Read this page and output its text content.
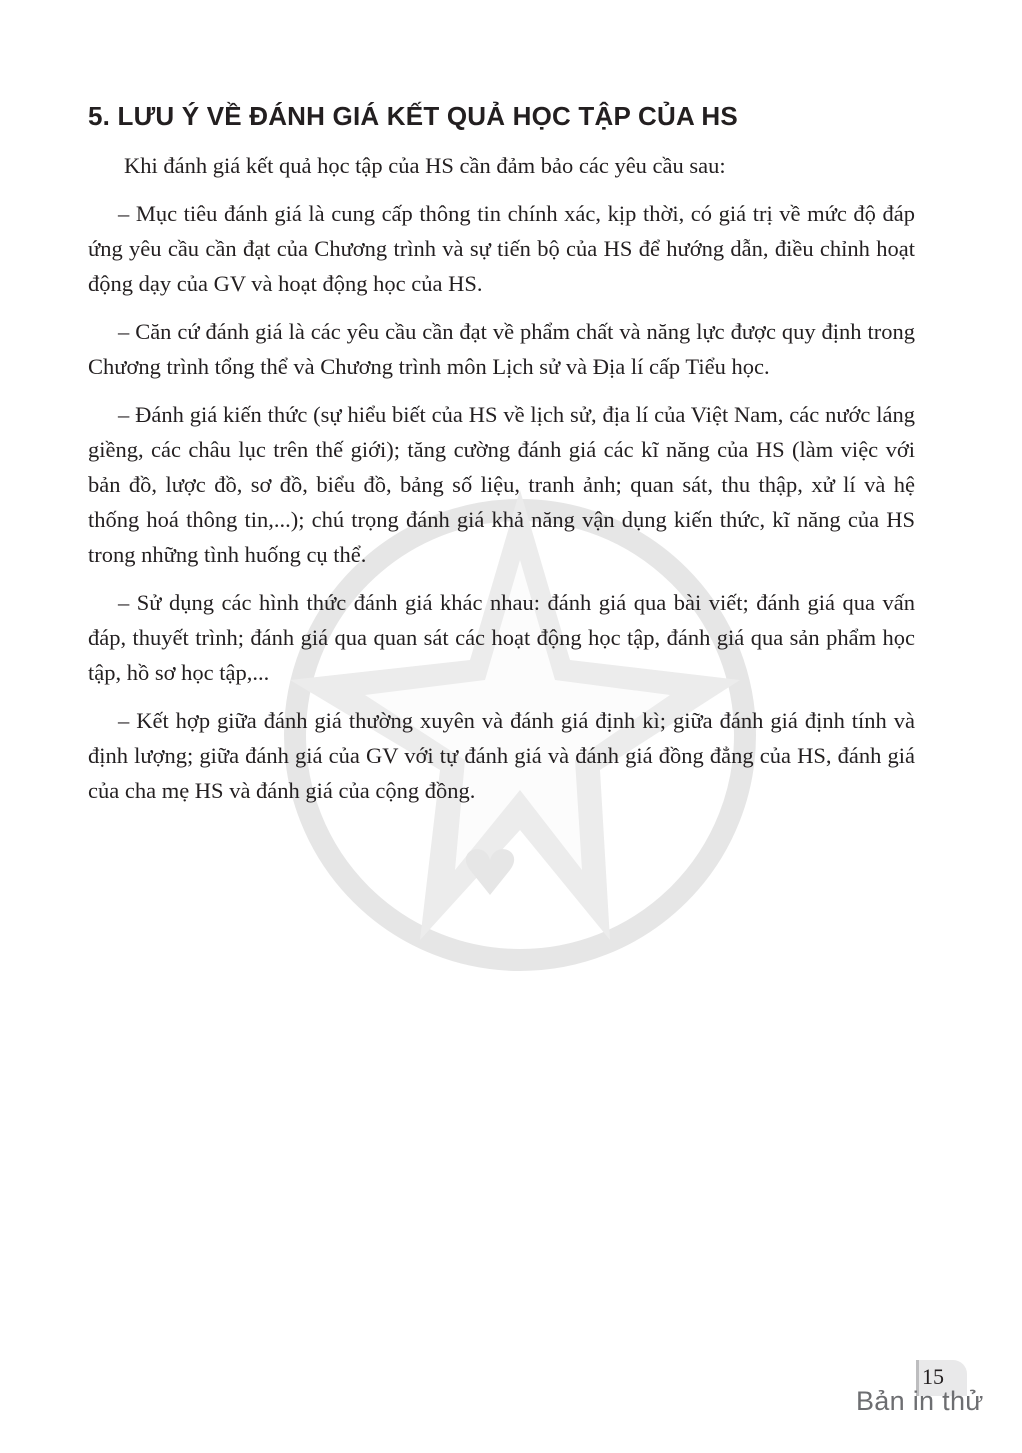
5. LƯU Ý VỀ ĐÁNH GIÁ KẾT QUẢ HỌC TẬP CỦA HS

Khi đánh giá kết quả học tập của HS cần đảm bảo các yêu cầu sau:

– Mục tiêu đánh giá là cung cấp thông tin chính xác, kịp thời, có giá trị về mức độ đáp ứng yêu cầu cần đạt của Chương trình và sự tiến bộ của HS để hướng dẫn, điều chỉnh hoạt động dạy của GV và hoạt động học của HS.

– Căn cứ đánh giá là các yêu cầu cần đạt về phẩm chất và năng lực được quy định trong Chương trình tổng thể và Chương trình môn Lịch sử và Địa lí cấp Tiểu học.

– Đánh giá kiến thức (sự hiểu biết của HS về lịch sử, địa lí của Việt Nam, các nước láng giềng, các châu lục trên thế giới); tăng cường đánh giá các kĩ năng của HS (làm việc với bản đồ, lược đồ, sơ đồ, biểu đồ, bảng số liệu, tranh ảnh; quan sát, thu thập, xử lí và hệ thống hoá thông tin,...); chú trọng đánh giá khả năng vận dụng kiến thức, kĩ năng của HS trong những tình huống cụ thể.

– Sử dụng các hình thức đánh giá khác nhau: đánh giá qua bài viết; đánh giá qua vấn đáp, thuyết trình; đánh giá qua quan sát các hoạt động học tập, đánh giá qua sản phẩm học tập, hồ sơ học tập,...

– Kết hợp giữa đánh giá thường xuyên và đánh giá định kì; giữa đánh giá định tính và định lượng; giữa đánh giá của GV với tự đánh giá và đánh giá đồng đẳng của HS, đánh giá của cha mẹ HS và đánh giá của cộng đồng.

15
Bản in thử
